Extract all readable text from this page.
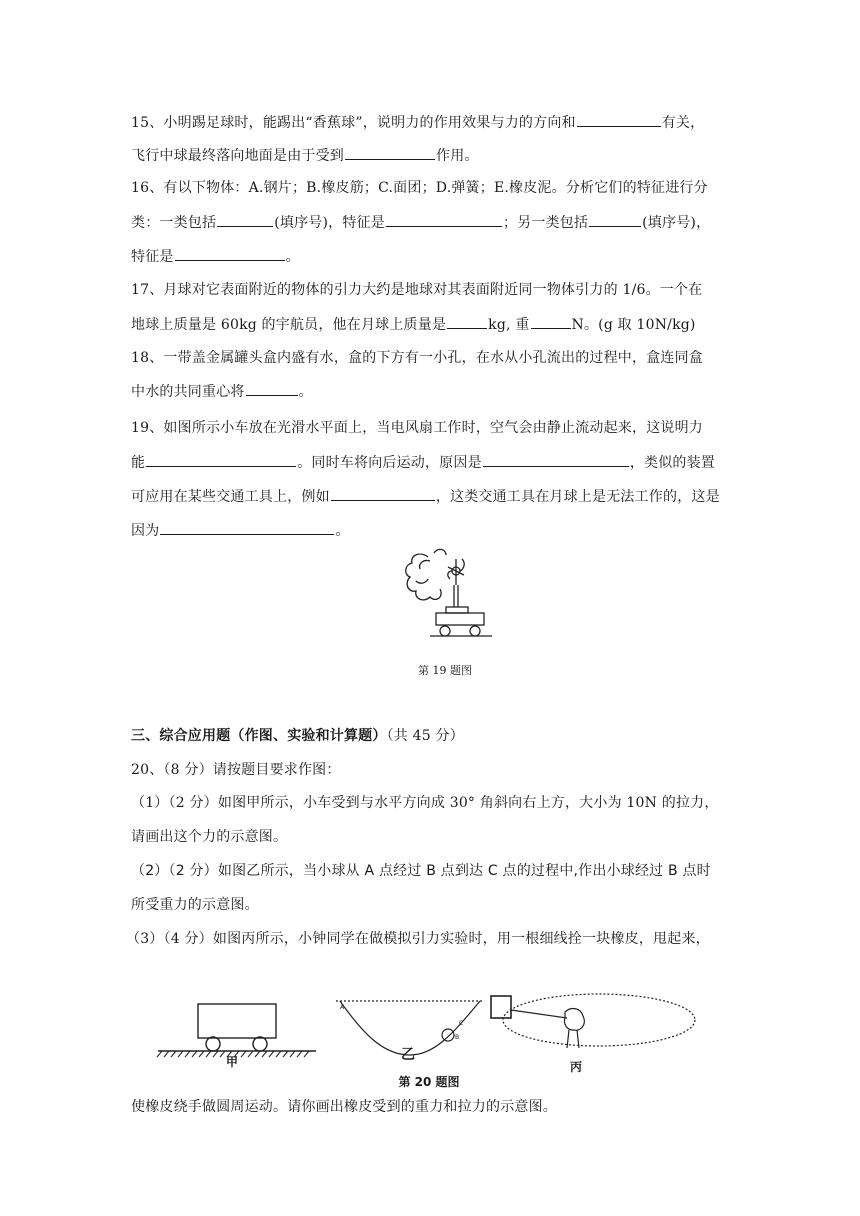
15、小明踢足球时，能踢出“香蕉球”，说明力的作用效果与力的方向和	有关，
飞行中球最终落向地面是由于受到	作用。
16、有以下物体：A.钢片；B.橡皮筋；C.面团；D.弹簧；E.橡皮泥。分析它们的特征进行分
类：一类包括	(填序号)，特征是	；另一类包括	(填序号)，
特征是	。
17、月球对它表面附近的物体的引力大约是地球对其表面附近同一物体引力的 1/6。一个在
地球上质量是 60kg 的宇航员，他在月球上质量是	kg, 重	N。(g 取 10N/kg)
18、一带盖金属罐头盒内盛有水，盒的下方有一小孔，在水从小孔流出的过程中，盒连同盒
中水的共同重心将	。
19、如图所示小车放在光滑水平面上，当电风扇工作时，空气会由静止流动起来，这说明力
能	。同时车将向后运动，原因是	，类似的装置
可应用在某些交通工具上，例如	，这类交通工具在月球上是无法工作的，这是
因为	。
第 19 题图
三、综合应用题（作图、实验和计算题）（共 45 分）
20、（8 分）请按题目要求作图：
（1）（2 分）如图甲所示，小车受到与水平方向成 30° 角斜向右上方，大小为 10N 的拉力，
请画出这个力的示意图。
（2）（2 分）如图乙所示，当小球从 A 点经过 B 点到达 C 点的过程中,作出小球经过 B 点时
所受重力的示意图。
（3）（4 分）如图丙所示，小钟同学在做模拟引力实验时，用一根细线拴一块橡皮，甩起来，
甲
A
C
B
乙
丙
第 20 题图
使橡皮绕手做圆周运动。请你画出橡皮受到的重力和拉力的示意图。
